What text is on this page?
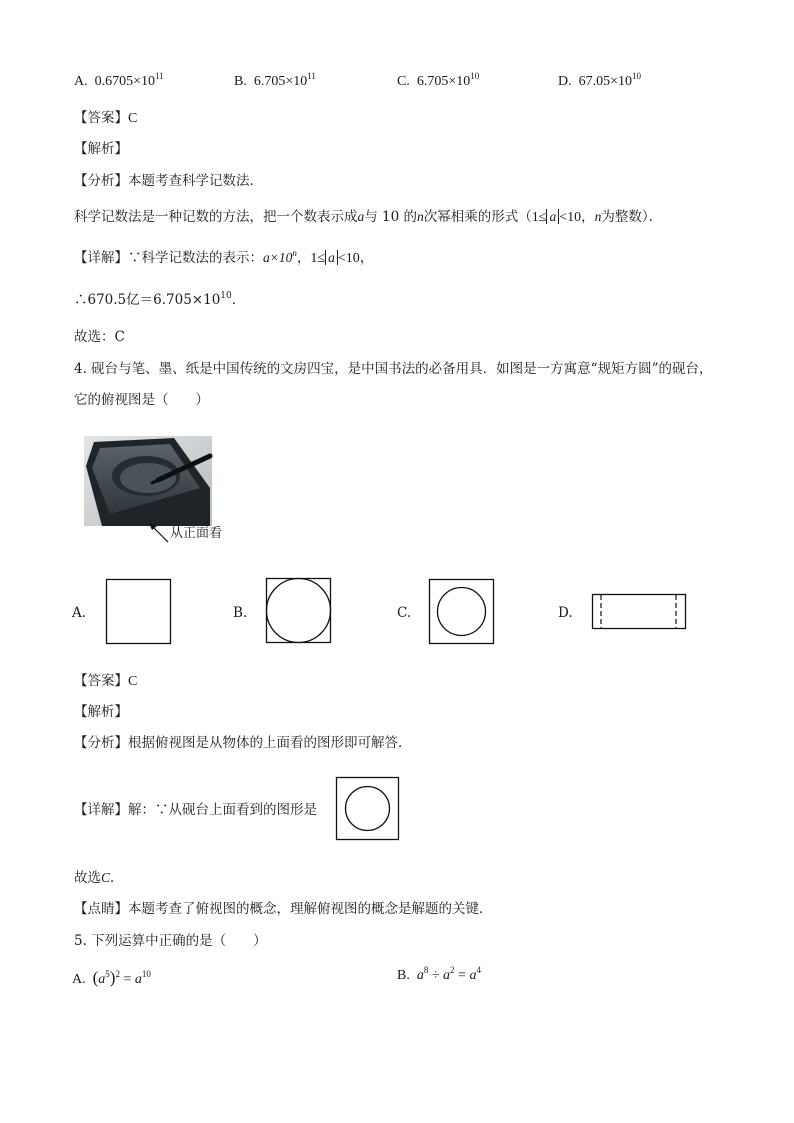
A. $0.6705\times 10^{11}$	B. $6.705\times 10^{11}$	C. $6.705\times 10^{10}$	D. $67.05\times 10^{10}$
【答案】C
【解析】
【分析】本题考查科学记数法．
科学记数法是一种记数的方法，把一个数表示成a与 10 的n次幂相乘的形式（1≤ a <10，n为整数）．
【详解】∵科学记数法的表示：$a\times 10^n$，1≤ a <10，
∴670.5亿$=6.705\times 10^{10}$．
故选：C
4. 砚台与笔、墨、纸是中国传统的文房四宝，是中国书法的必备用具．如图是一方寓意“规矩方圆”的砚台，
它的俯视图是（　　）
从正面看
A.	B.	C.	D.
【答案】C
【解析】
【分析】根据俯视图是从物体的上面看的图形即可解答．
【详解】解：∵从砚台上面看到的图形是
故选C．
【点睛】本题考查了俯视图的概念，理解俯视图的概念是解题的关键．
5. 下列运算中正确的是（　　）
A. $(a^5)^2 = a^{10}$	B. $a^8 \div a^2 = a^4$
